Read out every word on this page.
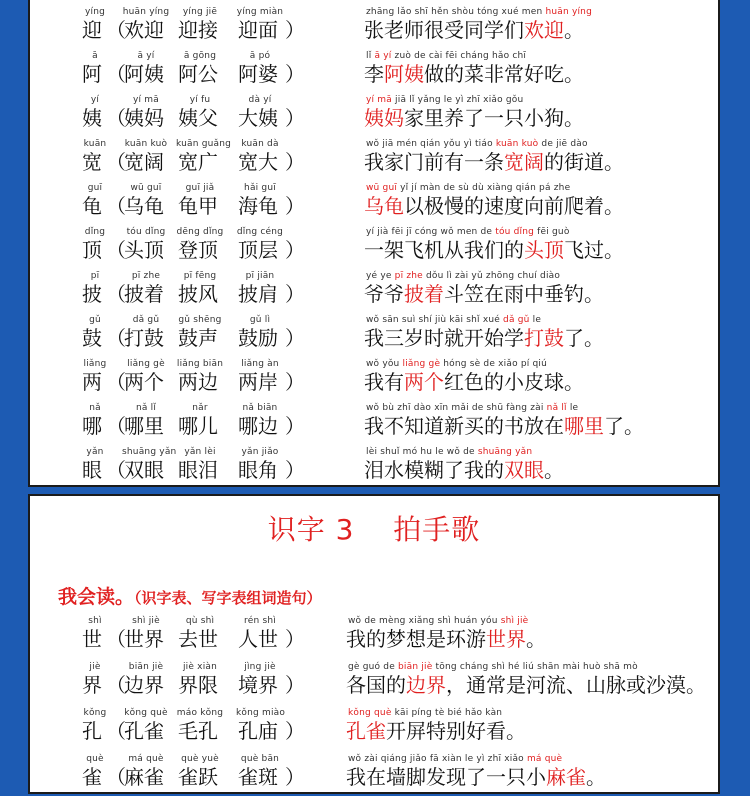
yíng
迎 （
huān yíng
欢迎
yíng jiē
迎接
yíng miàn
迎面 ）
zhāng lǎo shī hěn shòu tóng xué men huān yíng
张老师很受同学们欢迎。
ā
阿 （
ā yí
阿姨
ā gōng
阿公
ā pó
阿婆 ）
lǐ ā yí zuò de cài fēi cháng hǎo chī
李阿姨做的菜非常好吃。
yí
姨 （
yí mā
姨妈
yí fu
姨父
dà yí
大姨 ）
yí mā jiā lǐ yǎng le yì zhī xiǎo gǒu
姨妈家里养了一只小狗。
kuān
宽 （
kuān kuò
宽阔
kuān guǎng
宽广
kuān dà
宽大 ）
wǒ jiā mén qián yǒu yì tiáo kuān kuò de jiē dào
我家门前有一条宽阔的街道。
guī
龟 （
wū guī
乌龟
guī jiǎ
龟甲
hǎi guī
海龟 ）
wū guī yǐ jí màn de sù dù xiàng qián pá zhe
乌龟以极慢的速度向前爬着。
dǐng
顶 （
tóu dǐng
头顶
dēng dǐng
登顶
dǐng céng
顶层 ）
yí jià fēi jī cóng wǒ men de tóu dǐng fēi guò
一架飞机从我们的头顶飞过。
pī
披 （
pī zhe
披着
pī fēng
披风
pī jiān
披肩 ）
yé ye pī zhe dǒu lì zài yǔ zhōng chuí diào
爷爷披着斗笠在雨中垂钓。
gǔ
鼓 （
dǎ gǔ
打鼓
gǔ shēng
鼓声
gǔ lì
鼓励 ）
wǒ sān suì shí jiù kāi shǐ xué dǎ gǔ le
我三岁时就开始学打鼓了。
liǎng
两 （
liǎng gè
两个
liǎng biān
两边
liǎng àn
两岸 ）
wǒ yǒu liǎng gè hóng sè de xiǎo pí qiú
我有两个红色的小皮球。
nǎ
哪 （
nǎ lǐ
哪里
nǎr
哪儿
nǎ biān
哪边 ）
wǒ bù zhī dào xīn mǎi de shū fàng zài nǎ lǐ le
我不知道新买的书放在哪里了。
yǎn
眼 （
shuāng yǎn
双眼
yǎn lèi
眼泪
yǎn jiǎo
眼角 ）
lèi shuǐ mó hu le wǒ de shuāng yǎn
泪水模糊了我的双眼。
识字 3　 拍手歌
我会读。（识字表、写字表组词造句）
shì
世 （
shì jiè
世界
qù shì
去世
rén shì
人世 ）
wǒ de mèng xiǎng shì huán yóu shì jiè
我的梦想是环游世界。
jiè
界 （
biān jiè
边界
jiè xiàn
界限
jìng jiè
境界 ）
gè guó de biān jiè tōng cháng shì hé liú shān mài huò shā mò
各国的边界，通常是河流、山脉或沙漠。
kǒng
孔 （
kǒng què
孔雀
máo kǒng
毛孔
kǒng miào
孔庙 ）
kǒng què kāi píng tè bié hǎo kàn
孔雀开屏特别好看。
què
雀 （
má què
麻雀
què yuè
雀跃
què bān
雀斑 ）
wǒ zài qiáng jiǎo fā xiàn le yì zhī xiǎo má què
我在墙脚发现了一只小麻雀。
